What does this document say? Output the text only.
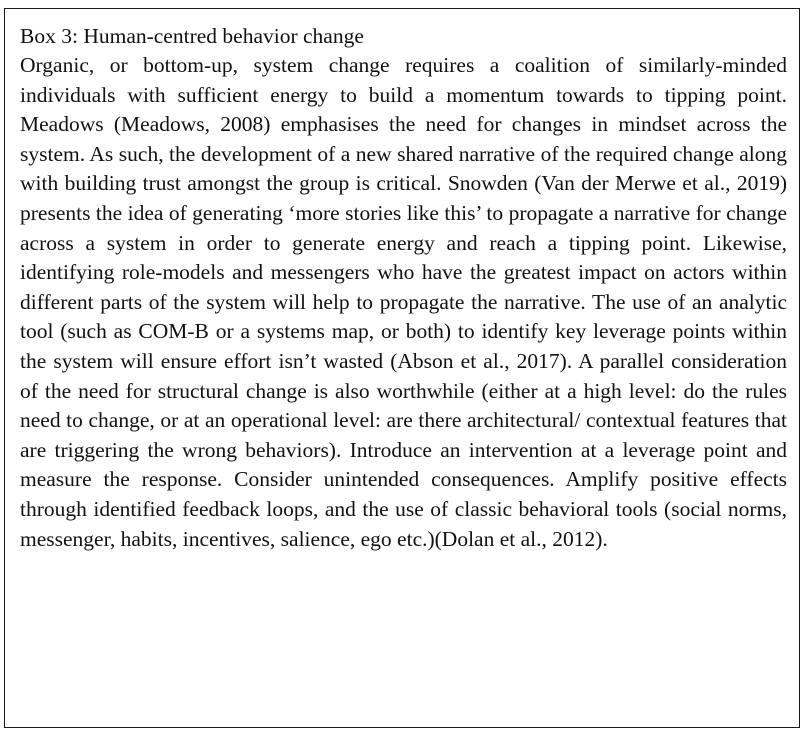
Box 3: Human-centred behavior change

Organic, or bottom-up, system change requires a coalition of similarly-minded individuals with sufficient energy to build a momentum towards to tipping point. Meadows (Meadows, 2008) emphasises the need for changes in mindset across the system. As such, the development of a new shared narrative of the required change along with building trust amongst the group is critical. Snowden (Van der Merwe et al., 2019) presents the idea of generating ‘more stories like this’ to propagate a narrative for change across a system in order to generate energy and reach a tipping point. Likewise, identifying role-models and messengers who have the greatest impact on actors within different parts of the system will help to propagate the narrative. The use of an analytic tool (such as COM-B or a systems map, or both) to identify key leverage points within the system will ensure effort isn’t wasted (Abson et al., 2017). A parallel consideration of the need for structural change is also worthwhile (either at a high level: do the rules need to change, or at an operational level: are there architectural/ contextual features that are triggering the wrong behaviors). Introduce an intervention at a leverage point and measure the response. Consider unintended consequences. Amplify positive effects through identified feedback loops, and the use of classic behavioral tools (social norms, messenger, habits, incentives, salience, ego etc.)(Dolan et al., 2012).
